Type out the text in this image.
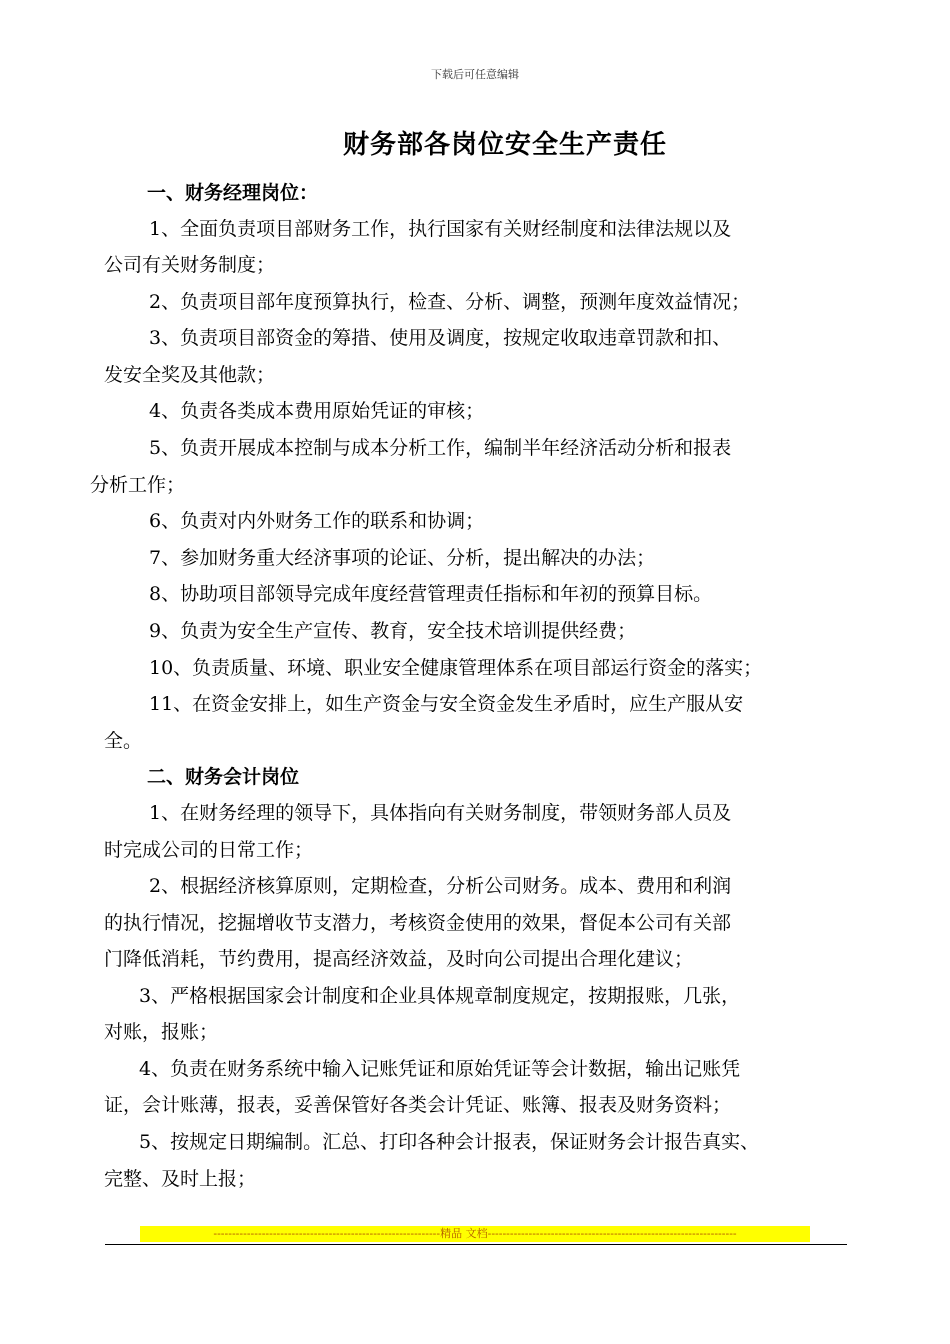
下载后可任意编辑
财务部各岗位安全生产责任
一、财务经理岗位：
1、全面负责项目部财务工作，执行国家有关财经制度和法律法规以及
公司有关财务制度；
2、负责项目部年度预算执行，检查、分析、调整，预测年度效益情况；
3、负责项目部资金的筹措、使用及调度，按规定收取违章罚款和扣、
发安全奖及其他款；
4、负责各类成本费用原始凭证的审核；
5、负责开展成本控制与成本分析工作，编制半年经济活动分析和报表
分析工作；
6、负责对内外财务工作的联系和协调；
7、参加财务重大经济事项的论证、分析，提出解决的办法；
8、协助项目部领导完成年度经营管理责任指标和年初的预算目标。
9、负责为安全生产宣传、教育，安全技术培训提供经费；
10、负责质量、环境、职业安全健康管理体系在项目部运行资金的落实；
11、在资金安排上，如生产资金与安全资金发生矛盾时，应生产服从安
全。
二、财务会计岗位
1、在财务经理的领导下，具体指向有关财务制度，带领财务部人员及
时完成公司的日常工作；
2、根据经济核算原则，定期检查，分析公司财务。成本、费用和利润
的执行情况，挖掘增收节支潜力，考核资金使用的效果，督促本公司有关部
门降低消耗，节约费用，提高经济效益，及时向公司提出合理化建议；
3、严格根据国家会计制度和企业具体规章制度规定，按期报账，几张，
对账，报账；
4、负责在财务系统中输入记账凭证和原始凭证等会计数据，输出记账凭
证，会计账薄，报表，妥善保管好各类会计凭证、账簿、报表及财务资料；
5、按规定日期编制。汇总、打印各种会计报表，保证财务会计报告真实、
完整、及时上报；
-------------------------------------------------------------精品 文档-------------------------------------------------------------------
